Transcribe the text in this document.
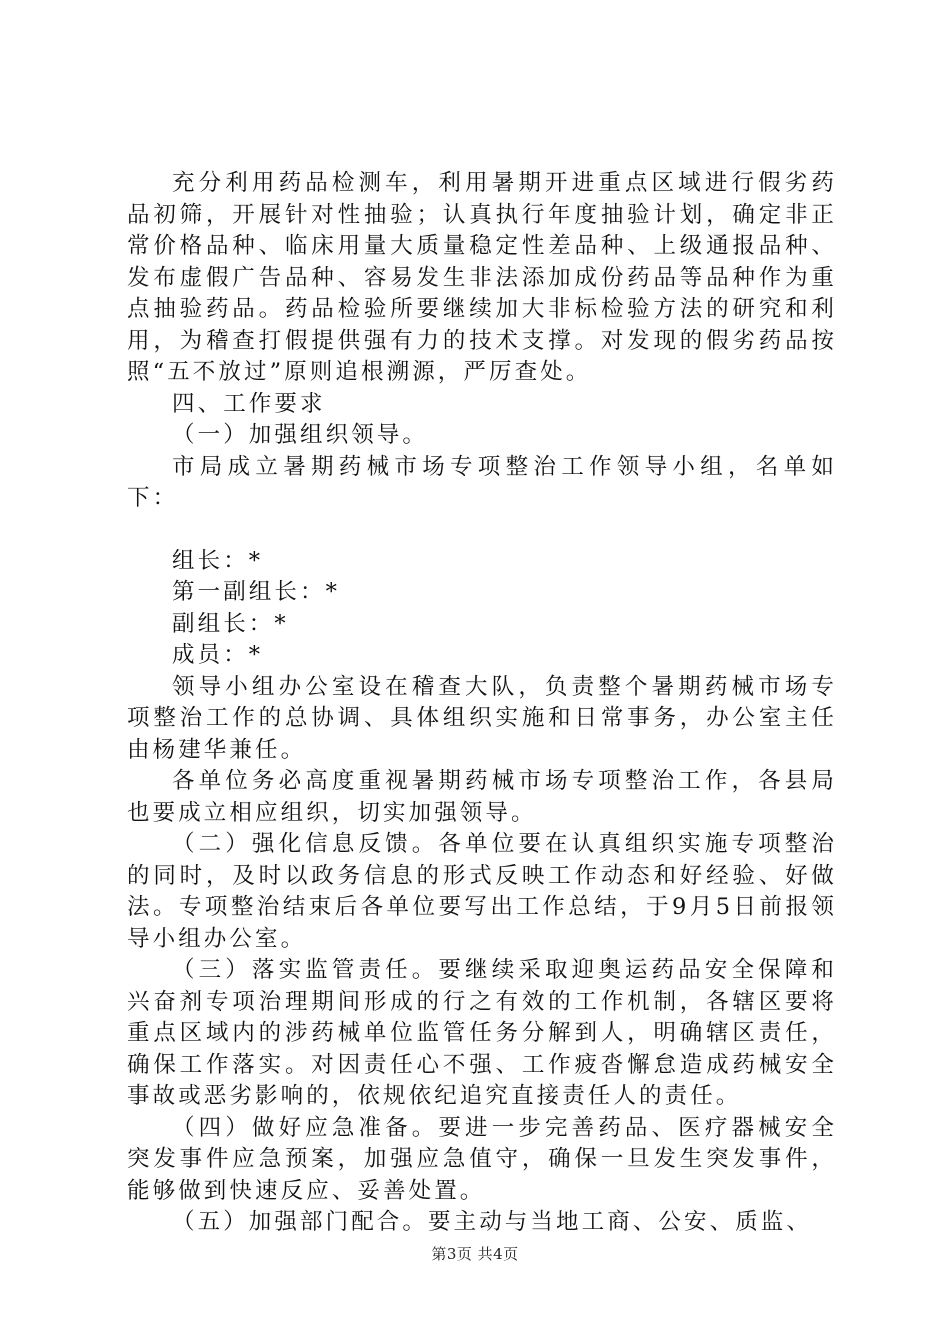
充分利用药品检测车，利用暑期开进重点区域进行假劣药品初筛，开展针对性抽验；认真执行年度抽验计划，确定非正常价格品种、临床用量大质量稳定性差品种、上级通报品种、发布虚假广告品种、容易发生非法添加成份药品等品种作为重点抽验药品。药品检验所要继续加大非标检验方法的研究和利用，为稽查打假提供强有力的技术支撑。对发现的假劣药品按照“五不放过”原则追根溯源，严厉查处。

四、工作要求

（一）加强组织领导。

市局成立暑期药械市场专项整治工作领导小组，名单如下：

组长：*

第一副组长：*

副组长：*

成员：*

领导小组办公室设在稽查大队，负责整个暑期药械市场专项整治工作的总协调、具体组织实施和日常事务，办公室主任由杨建华兼任。

各单位务必高度重视暑期药械市场专项整治工作，各县局也要成立相应组织，切实加强领导。

（二）强化信息反馈。各单位要在认真组织实施专项整治的同时，及时以政务信息的形式反映工作动态和好经验、好做法。专项整治结束后各单位要写出工作总结，于9月5日前报领导小组办公室。

（三）落实监管责任。要继续采取迎奥运药品安全保障和兴奋剂专项治理期间形成的行之有效的工作机制，各辖区要将重点区域内的涉药械单位监管任务分解到人，明确辖区责任，确保工作落实。对因责任心不强、工作疲沓懈怠造成药械安全事故或恶劣影响的，依规依纪追究直接责任人的责任。

（四）做好应急准备。要进一步完善药品、医疗器械安全突发事件应急预案，加强应急值守，确保一旦发生突发事件，能够做到快速反应、妥善处置。

（五）加强部门配合。要主动与当地工商、公安、质监、

第3页 共4页
